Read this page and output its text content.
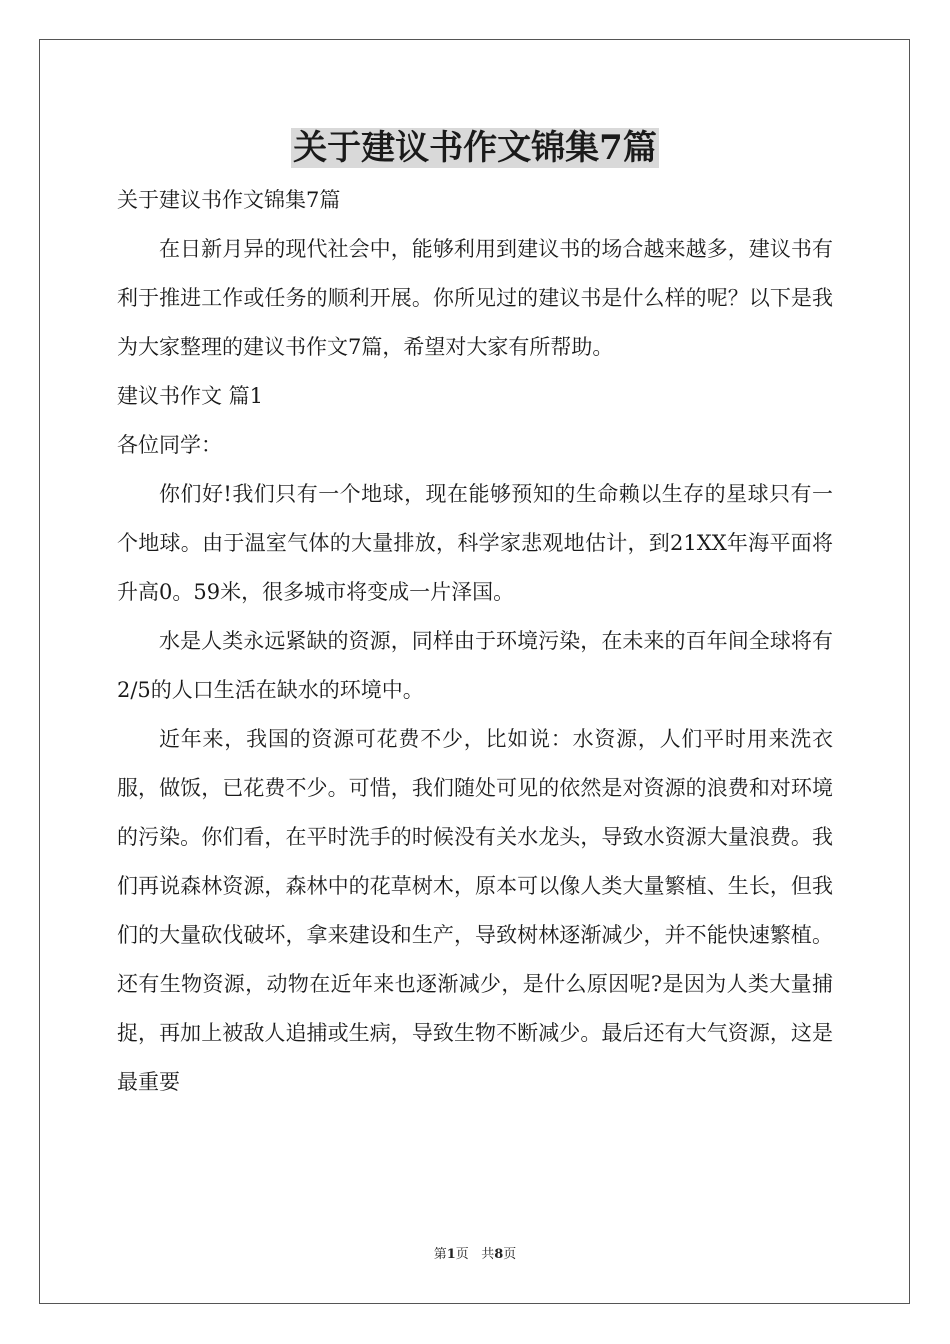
关于建议书作文锦集7篇

关于建议书作文锦集7篇

在日新月异的现代社会中，能够利用到建议书的场合越来越多，建议书有利于推进工作或任务的顺利开展。你所见过的建议书是什么样的呢？以下是我为大家整理的建议书作文7篇，希望对大家有所帮助。

建议书作文 篇1

各位同学：

你们好!我们只有一个地球，现在能够预知的生命赖以生存的星球只有一个地球。由于温室气体的大量排放，科学家悲观地估计，到21XX年海平面将升高0。59米，很多城市将变成一片泽国。

水是人类永远紧缺的资源，同样由于环境污染，在未来的百年间全球将有2/5的人口生活在缺水的环境中。

近年来，我国的资源可花费不少，比如说：水资源，人们平时用来洗衣服，做饭，已花费不少。可惜，我们随处可见的依然是对资源的浪费和对环境的污染。你们看，在平时洗手的时候没有关水龙头，导致水资源大量浪费。我们再说森林资源，森林中的花草树木，原本可以像人类大量繁植、生长，但我们的大量砍伐破坏，拿来建设和生产，导致树林逐渐减少，并不能快速繁植。还有生物资源，动物在近年来也逐渐减少，是什么原因呢?是因为人类大量捕捉，再加上被敌人追捕或生病，导致生物不断减少。最后还有大气资源，这是最重要

第1页 共8页
